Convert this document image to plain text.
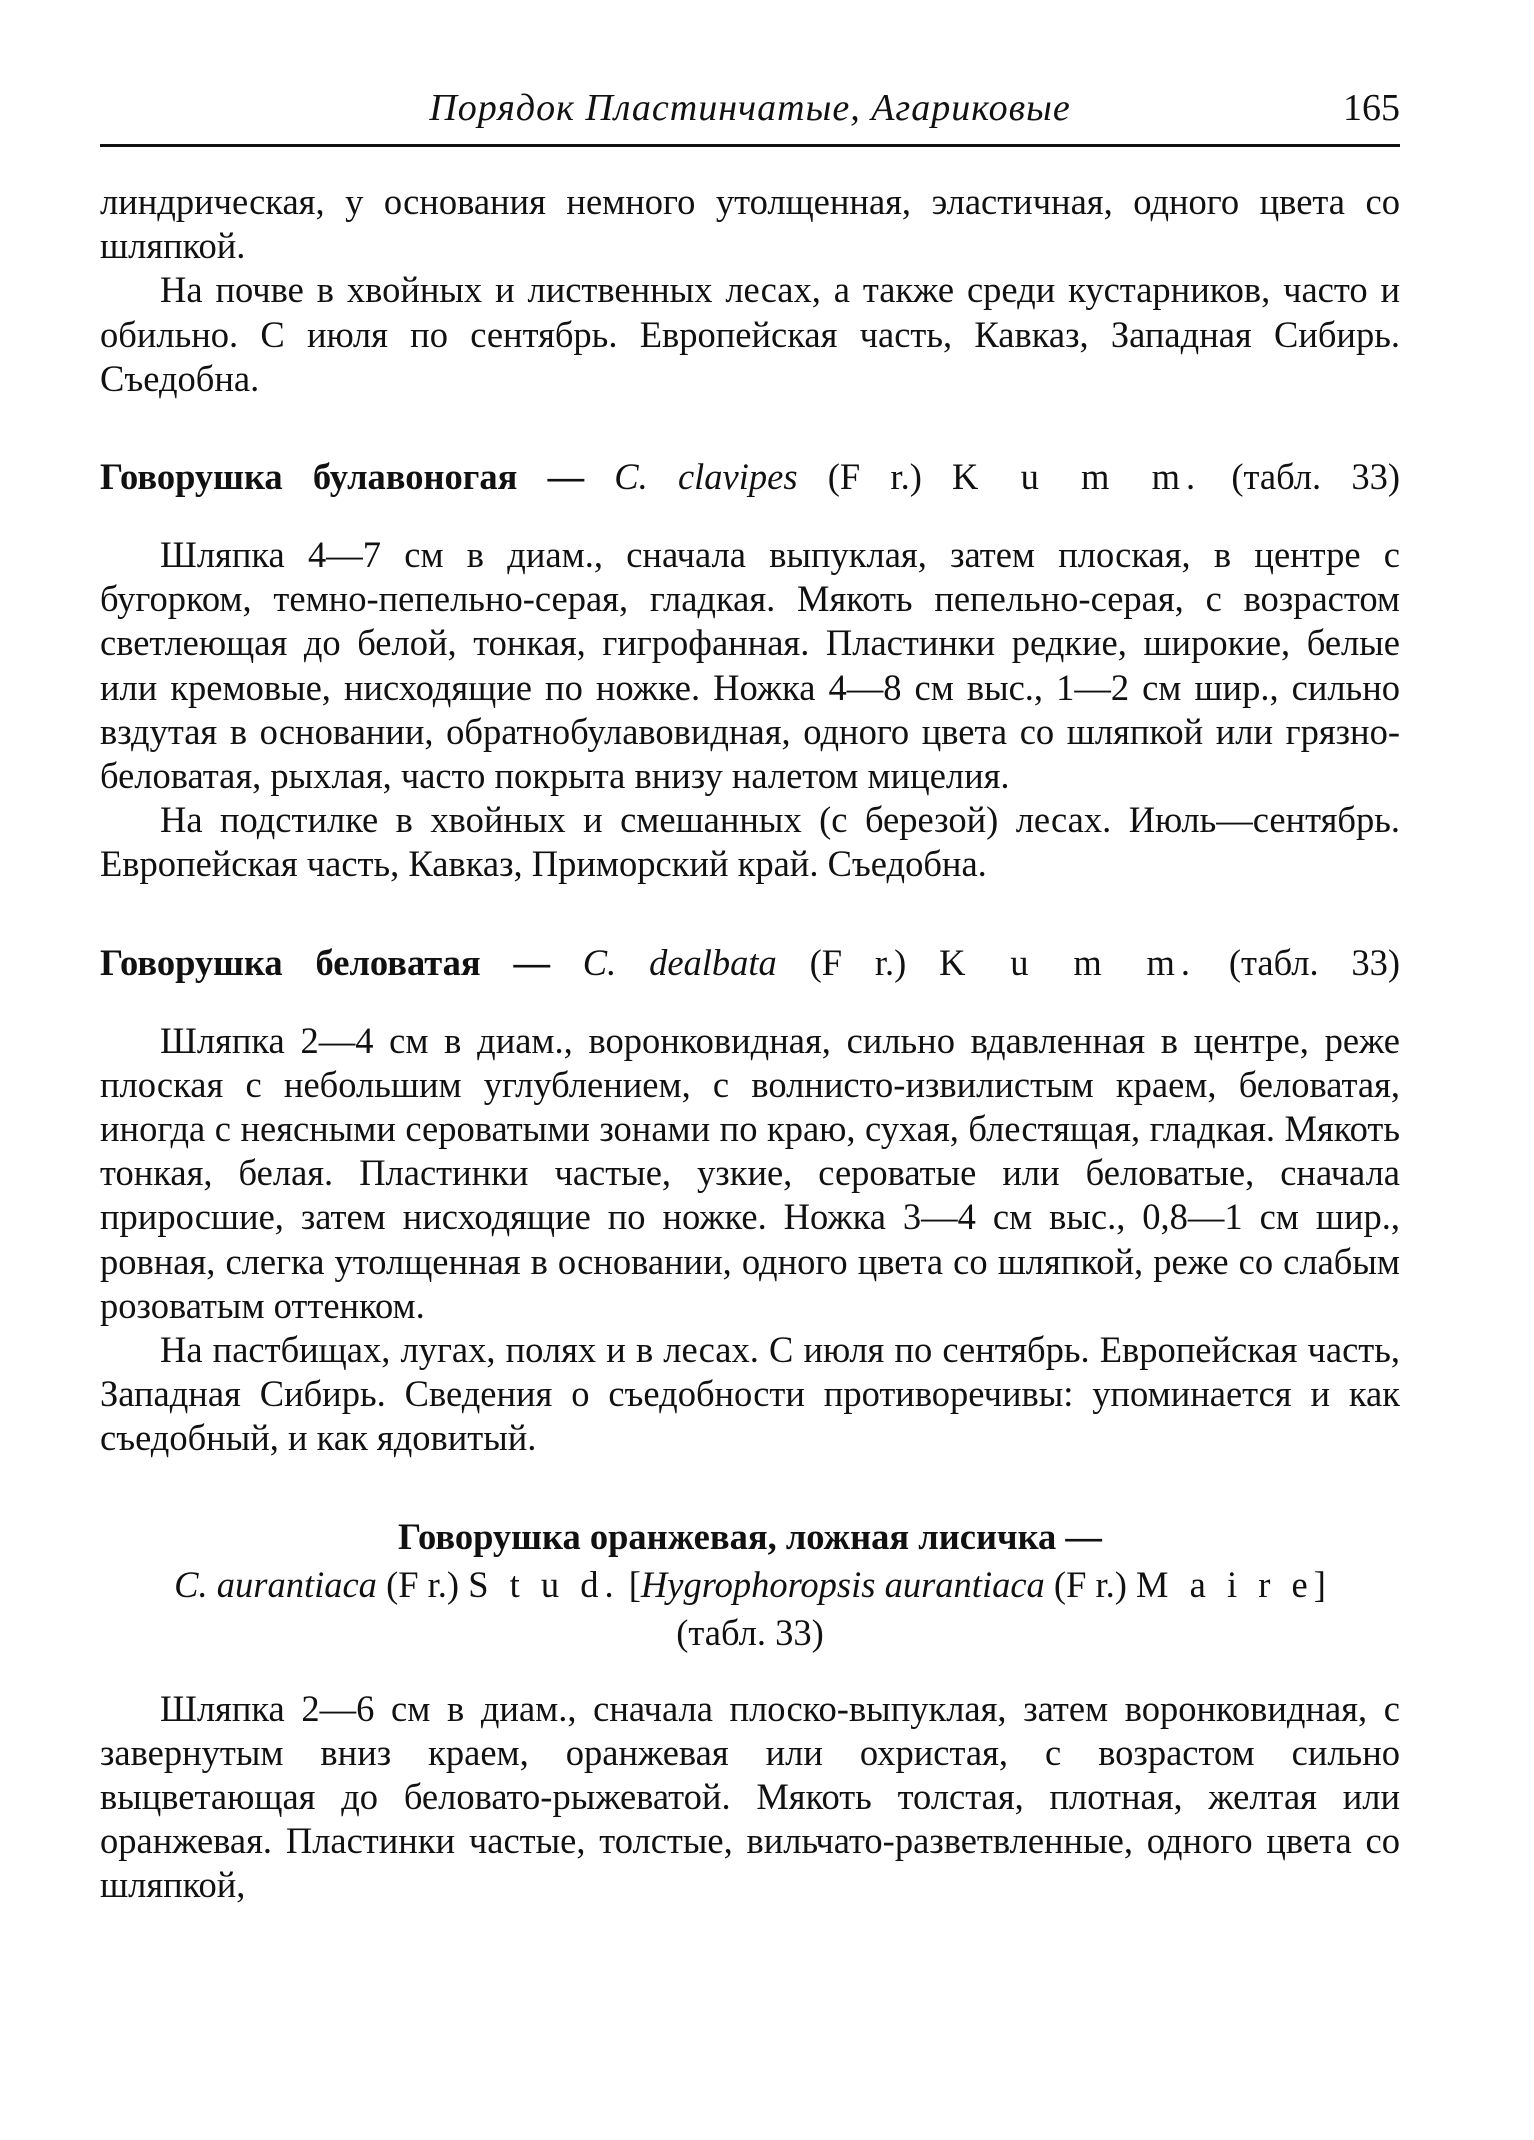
Порядок Пластинчатые, Агариковые	165

линдрическая, у основания немного утолщенная, эластичная, одного цвета со шляпкой.

На почве в хвойных и лиственных лесах, а также среди кустарников, часто и обильно. С июля по сентябрь. Европейская часть, Кавказ, Западная Сибирь. Съедобна.

Говорушка булавоногая — C. clavipes (F r.) K u m m. (табл. 33)

Шляпка 4—7 см в диам., сначала выпуклая, затем плоская, в центре с бугорком, темно-пепельно-серая, гладкая. Мякоть пепельно-серая, с возрастом светлеющая до белой, тонкая, гигрофанная. Пластинки редкие, широкие, белые или кремовые, нисходящие по ножке. Ножка 4—8 см выс., 1—2 см шир., сильно вздутая в основании, обратнобулавовидная, одного цвета со шляпкой или грязно-беловатая, рыхлая, часто покрыта внизу налетом мицелия.

На подстилке в хвойных и смешанных (с березой) лесах. Июль—сентябрь. Европейская часть, Кавказ, Приморский край. Съедобна.

Говорушка беловатая — C. dealbata (F r.) K u m m. (табл. 33)

Шляпка 2—4 см в диам., воронковидная, сильно вдавленная в центре, реже плоская с небольшим углублением, с волнисто-извилистым краем, беловатая, иногда с неясными сероватыми зонами по краю, сухая, блестящая, гладкая. Мякоть тонкая, белая. Пластинки частые, узкие, сероватые или беловатые, сначала приросшие, затем нисходящие по ножке. Ножка 3—4 см выс., 0,8—1 см шир., ровная, слегка утолщенная в основании, одного цвета со шляпкой, реже со слабым розоватым оттенком.

На пастбищах, лугах, полях и в лесах. С июля по сентябрь. Европейская часть, Западная Сибирь. Сведения о съедобности противоречивы: упоминается и как съедобный, и как ядовитый.

Говорушка оранжевая, ложная лисичка —
C. aurantiaca (F r.) S t u d. [Hygrophoropsis aurantiaca (F r.) M a i r e]
(табл. 33)

Шляпка 2—6 см в диам., сначала плоско-выпуклая, затем воронковидная, с завернутым вниз краем, оранжевая или охристая, с возрастом сильно выцветающая до беловато-рыжеватой. Мякоть толстая, плотная, желтая или оранжевая. Пластинки частые, толстые, вильчато-разветвленные, одного цвета со шляпкой,
